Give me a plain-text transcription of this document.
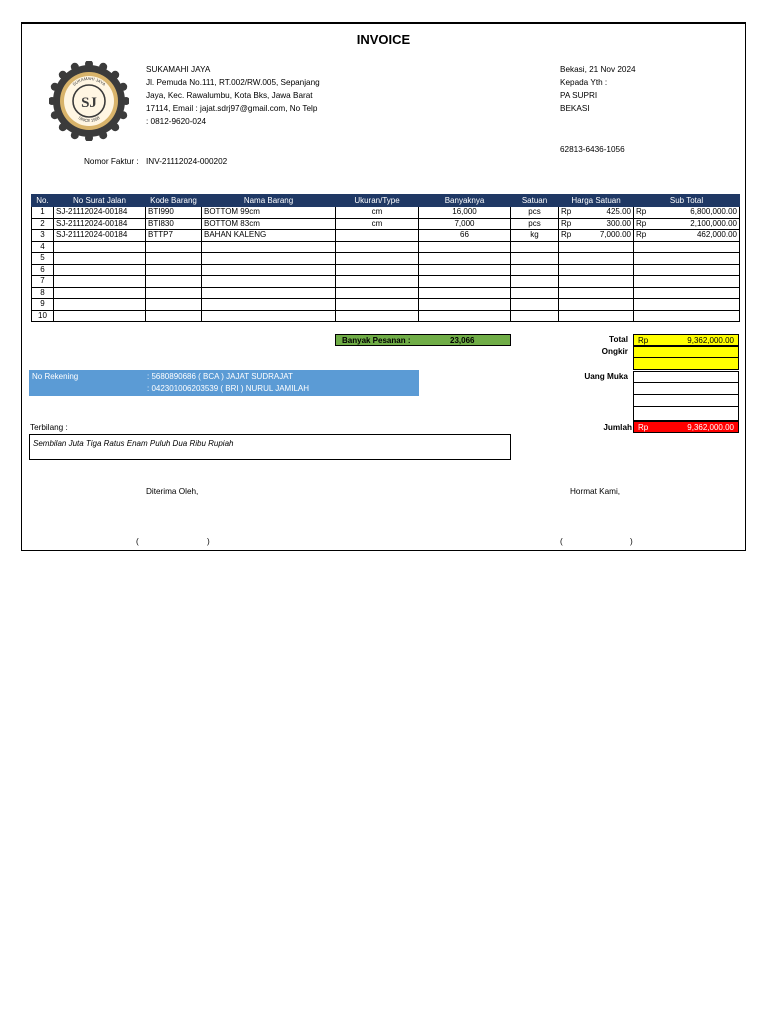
INVOICE
SJ
SUKAMAHI JAYA
SINCE 1998
SUKAMAHI JAYA
Jl. Pemuda No.111, RT.002/RW.005, Sepanjang
Jaya, Kec. Rawalumbu, Kota Bks, Jawa Barat
17114, Email : jajat.sdrj97@gmail.com, No Telp
: 0812-9620-024
Bekasi, 21 Nov 2024
Kepada Yth :
PA SUPRI
BEKASI
62813-6436-1056
Nomor Faktur : INV-21112024-000202
No.	No Surat Jalan	Kode Barang	Nama Barang	Ukuran/Type	Banyaknya	Satuan	Harga Satuan	Sub Total
1	SJ-21112024-00184	BTI990	BOTTOM 99cm	cm	16,000	pcs	Rp 425.00	Rp 6,800,000.00

2	SJ-21112024-00184	BTI830	BOTTOM 83cm	cm	7,000	pcs	Rp 300.00	Rp 2,100,000.00

3	SJ-21112024-00184	BTTP7	BAHAN KALENG		66	kg	Rp 7,000.00	Rp 462,000.00

4							

5							

6							

7							

8							

9							

10							

Banyak Pesanan :	23,066	Total Rp	9,362,000.00
Ongkir
Uang Muka
Jumlah Rp	9,362,000.00
No Rekening	: 5680890686 ( BCA ) JAJAT SUDRAJAT
: 042301006203539 ( BRI ) NURUL JAMILAH
Terbilang :
Sembilan Juta Tiga Ratus Enam Puluh Dua Ribu Rupiah
Diterima Oleh,	Hormat Kami,
(	)	(	)
